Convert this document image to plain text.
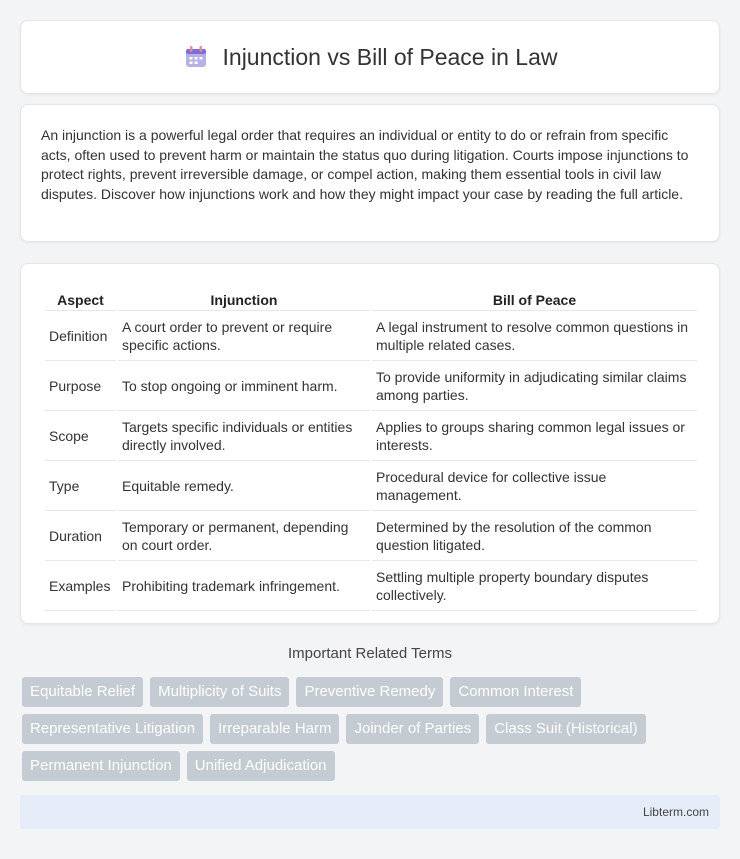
Injunction vs Bill of Peace in Law

An injunction is a powerful legal order that requires an individual or entity to do or refrain from specific acts, often used to prevent harm or maintain the status quo during litigation. Courts impose injunctions to protect rights, prevent irreversible damage, or compel action, making them essential tools in civil law disputes. Discover how injunctions work and how they might impact your case by reading the full article.

Aspect	Injunction	Bill of Peace
Definition	A court order to prevent or require specific actions.	A legal instrument to resolve common questions in multiple related cases.
Purpose	To stop ongoing or imminent harm.	To provide uniformity in adjudicating similar claims among parties.
Scope	Targets specific individuals or entities directly involved.	Applies to groups sharing common legal issues or interests.
Type	Equitable remedy.	Procedural device for collective issue management.
Duration	Temporary or permanent, depending on court order.	Determined by the resolution of the common question litigated.
Examples	Prohibiting trademark infringement.	Settling multiple property boundary disputes collectively.
Important Related Terms
Equitable Relief	Multiplicity of Suits	Preventive Remedy	Common Interest
Representative Litigation	Irreparable Harm	Joinder of Parties	Class Suit (Historical)
Permanent Injunction	Unified Adjudication
Libterm.com
